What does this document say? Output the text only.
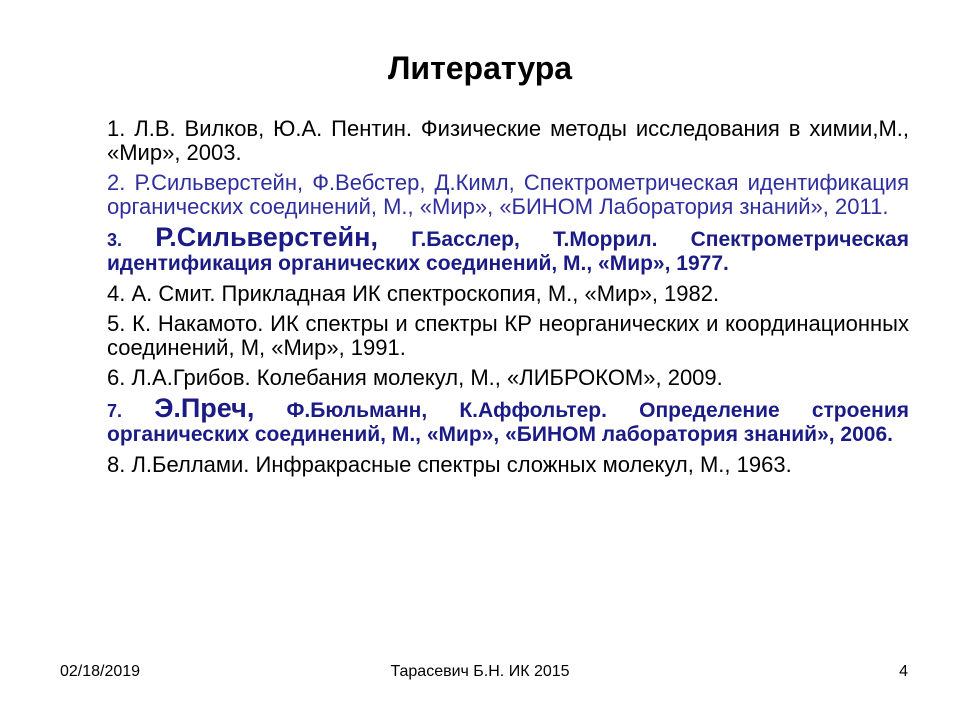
Литература

1. Л.В. Вилков, Ю.А. Пентин. Физические методы исследования в химии,М., «Мир», 2003.

2. Р.Сильверстейн, Ф.Вебстер, Д.Кимл, Спектрометрическая идентификация органических соединений, М., «Мир», «БИНОМ Лаборатория знаний», 2011.

3. Р.Сильверстейн, Г.Басслер, Т.Моррил. Спектрометрическая идентификация органических соединений, М., «Мир», 1977.

4. А. Смит. Прикладная ИК спектроскопия, М., «Мир», 1982.

5. К. Накамото. ИК спектры и спектры КР неорганических и координационных соединений, М, «Мир», 1991.

6. Л.А.Грибов. Колебания молекул, М., «ЛИБРОКОМ», 2009.

7. Э.Преч, Ф.Бюльманн, К.Аффольтер. Определение строения органических соединений, М., «Мир», «БИНОМ лаборатория знаний», 2006.

8. Л.Беллами. Инфракрасные спектры сложных молекул, М., 1963.

02/18/2019	Тарасевич Б.Н. ИК 2015	4
